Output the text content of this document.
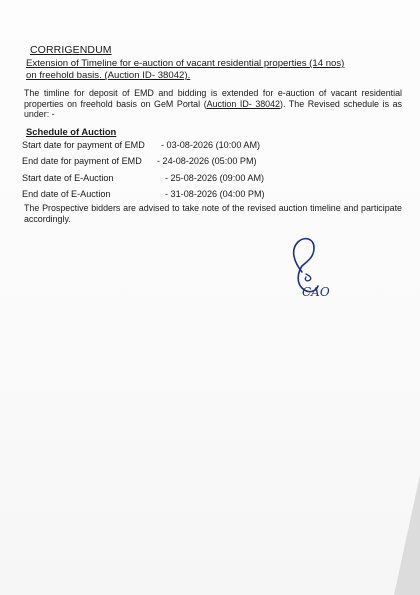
CORRIGENDUM
Extension of Timeline for e-auction of vacant residential properties (14 nos)
on freehold basis. (Auction ID- 38042).
The timline for deposit of EMD and bidding is extended for e-auction of vacant residential properties on freehold basis on GeM Portal (Auction ID- 38042). The Revised schedule is as under: -
Schedule of Auction
Start date for payment of EMD - 03-08-2026 (10:00 AM)
End date for payment of EMD - 24-08-2026 (05:00 PM)
Start date of E-Auction	- 25-08-2026 (09:00 AM)
End date of E-Auction	- 31-08-2026 (04:00 PM)
The Prospective bidders are advised to take note of the revised auction timeline and participate accordingly.
CAO
